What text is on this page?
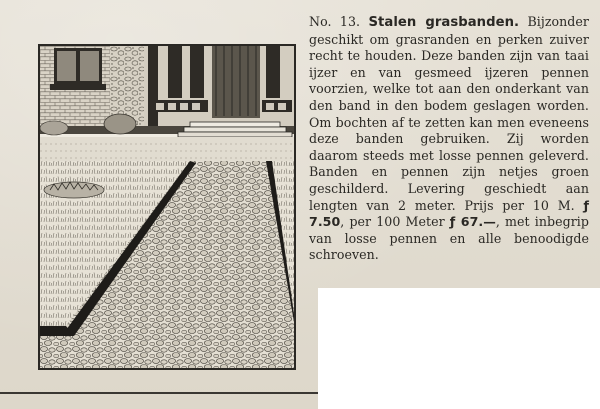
No. 13. Stalen grasbanden. Bijzonder geschikt om grasranden en perken zuiver recht te houden. Deze banden zijn van taai ijzer en van gesmeed ijzeren pennen voorzien, welke tot aan den onderkant van den band in den bodem geslagen worden. Om bochten af te zetten kan men eveneens deze banden gebruiken. Zij worden daarom steeds met losse pennen geleverd. Banden en pennen zijn netjes groen geschilderd. Levering geschiedt aan lengten van 2 meter. Prijs per 10 M. ƒ 7.50, per 100 Meter ƒ 67.—, met inbegrip van losse pennen en alle benoodigde schroeven.
